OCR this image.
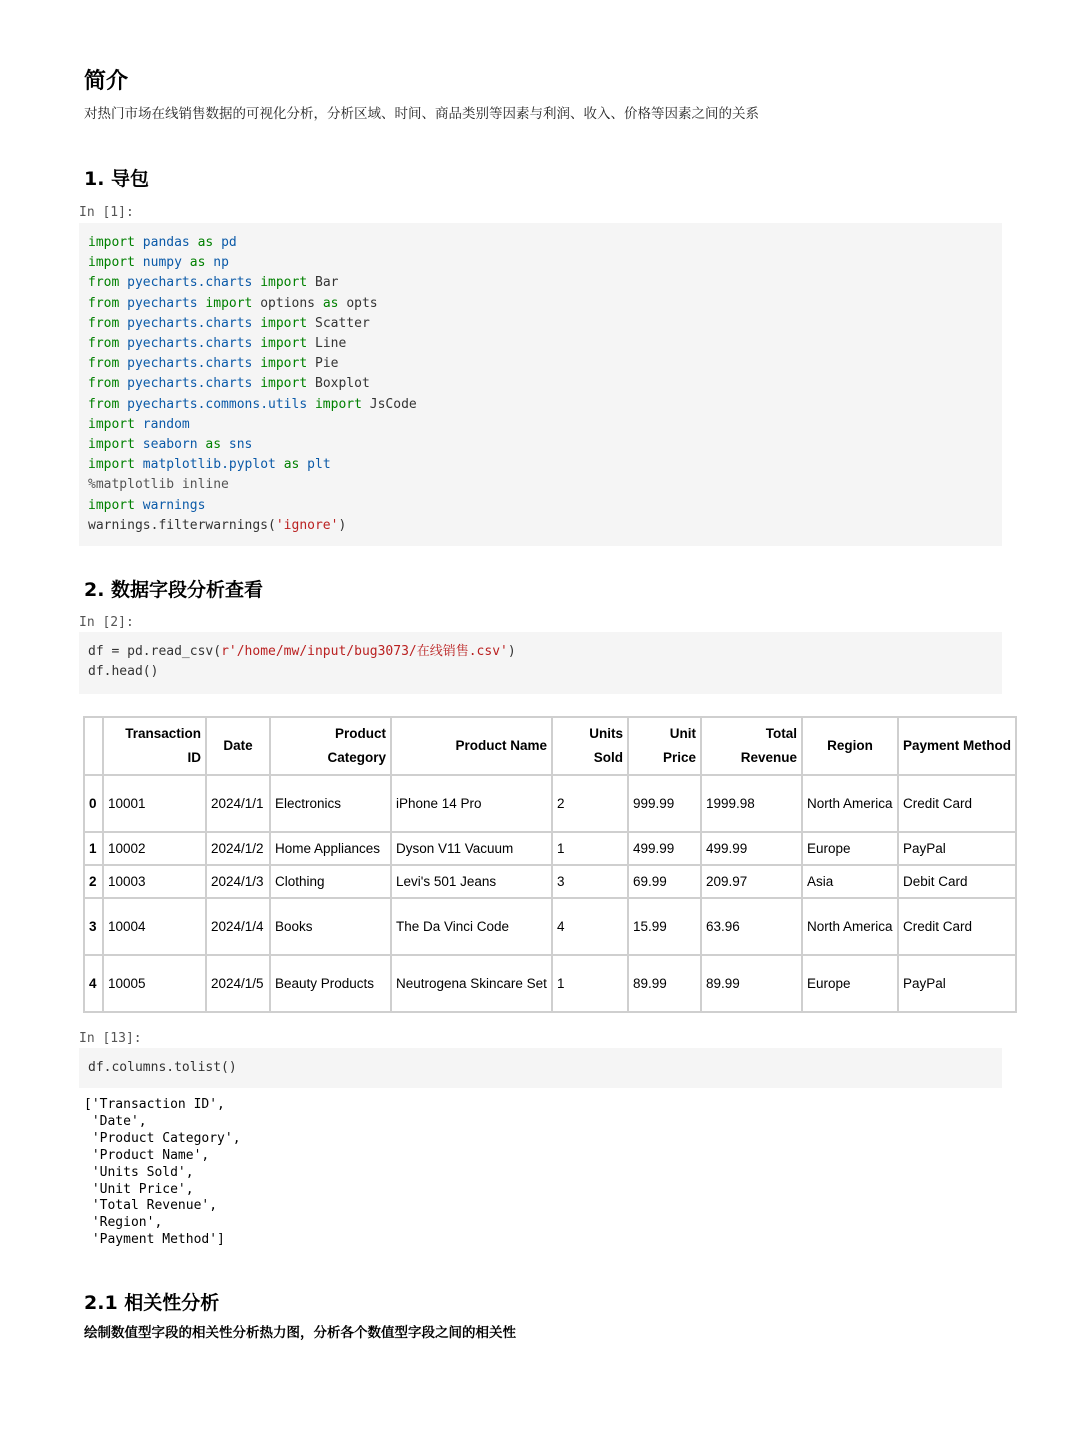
简介

对热门市场在线销售数据的可视化分析，分析区域、时间、商品类别等因素与利润、收入、价格等因素之间的关系

1. 导包
In [1]:
import pandas as pd
import numpy as np
from pyecharts.charts import Bar
from pyecharts import options as opts
from pyecharts.charts import Scatter
from pyecharts.charts import Line
from pyecharts.charts import Pie
from pyecharts.charts import Boxplot
from pyecharts.commons.utils import JsCode
import random
import seaborn as sns
import matplotlib.pyplot as plt
%matplotlib inline
import warnings
warnings.filterwarnings('ignore')
2. 数据字段分析查看
In [2]:
df = pd.read_csv(r'/home/mw/input/bug3073/在线销售.csv')
df.head()
	Transaction ID	Date	Product Category	Product Name	Units Sold	Unit Price	Total Revenue	Region	Payment Method
0	10001	2024/1/1	Electronics	iPhone 14 Pro	2	999.99	1999.98	North America	Credit Card
1	10002	2024/1/2	Home Appliances	Dyson V11 Vacuum	1	499.99	499.99	Europe	PayPal
2	10003	2024/1/3	Clothing	Levi's 501 Jeans	3	69.99	209.97	Asia	Debit Card
3	10004	2024/1/4	Books	The Da Vinci Code	4	15.99	63.96	North America	Credit Card
4	10005	2024/1/5	Beauty Products	Neutrogena Skincare Set	1	89.99	89.99	Europe	PayPal
In [13]:
df.columns.tolist()
['Transaction ID',
'Date',
'Product Category',
'Product Name',
'Units Sold',
'Unit Price',
'Total Revenue',
'Region',
'Payment Method']
2.1 相关性分析

绘制数值型字段的相关性分析热力图，分析各个数值型字段之间的相关性
